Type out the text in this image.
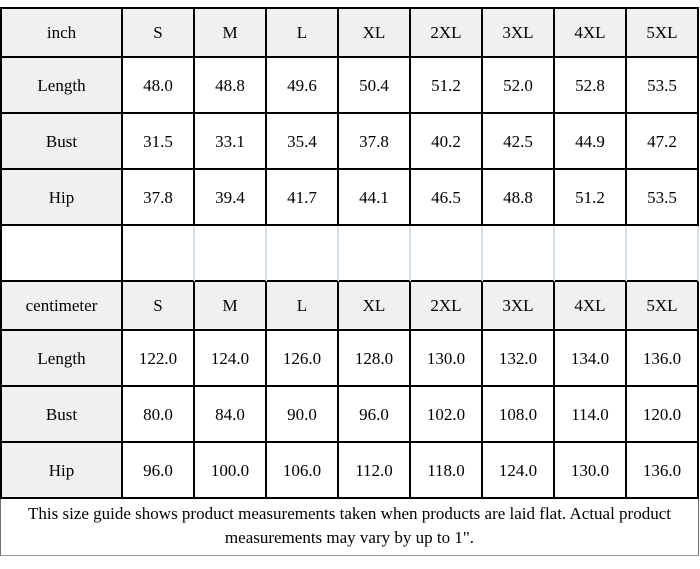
inch	S	M	L	XL	2XL	3XL	4XL	5XL
Length	48.0	48.8	49.6	50.4	51.2	52.0	52.8	53.5
Bust	31.5	33.1	35.4	37.8	40.2	42.5	44.9	47.2
Hip	37.8	39.4	41.7	44.1	46.5	48.8	51.2	53.5

centimeter	S	M	L	XL	2XL	3XL	4XL	5XL
Length	122.0	124.0	126.0	128.0	130.0	132.0	134.0	136.0
Bust	80.0	84.0	90.0	96.0	102.0	108.0	114.0	120.0
Hip	96.0	100.0	106.0	112.0	118.0	124.0	130.0	136.0
This size guide shows product measurements taken when products are laid flat. Actual product measurements may vary by up to 1".
